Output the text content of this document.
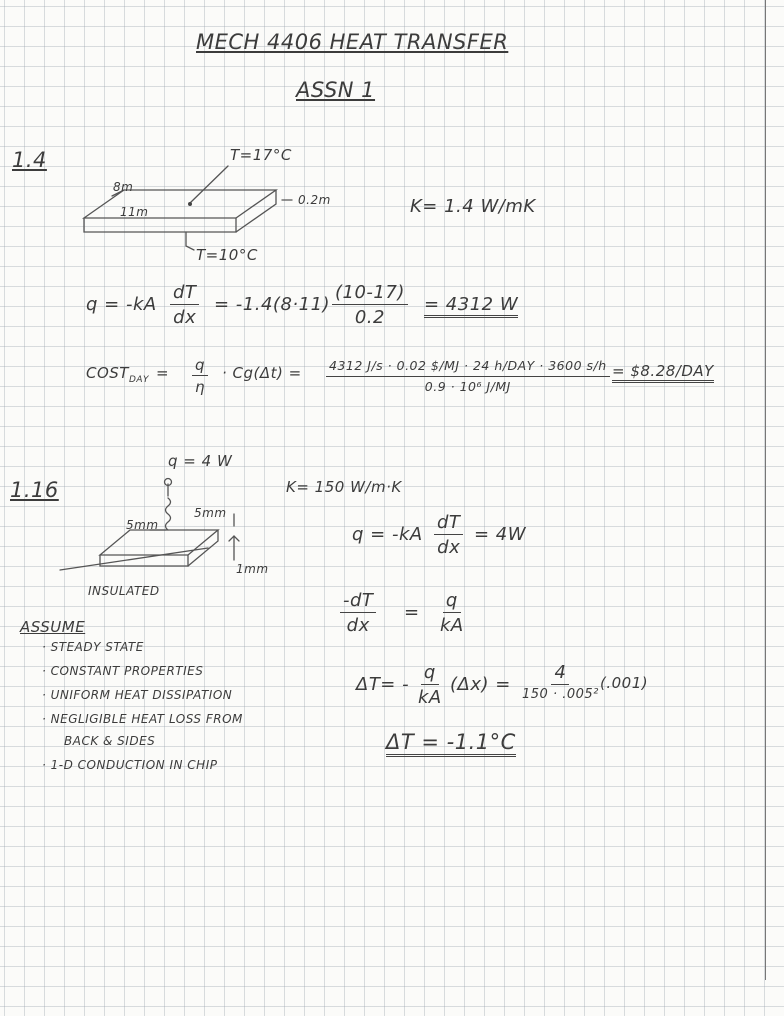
MECH 4406 HEAT TRANSFER
ASSN 1
1.4	T=17°C
8m
11m
0.2m
T=10°C
K= 1.4 W/mK
$q = -kA \frac{dT}{dx} = -1.4(8\cdot 11) \frac{(10-17)}{0.2} = 4312$ W
$COST_{DAY} = \frac{q}{\eta} \cdot Cg(\Delta t) = 4312$ J/s · 0.02 $/MJ · 24 h/DAY · 3600 s/h
0.9 · 10⁶ J/MJ
= $8.28/DAY
1.16
q = 4 W
5mm
5mm
1mm
INSULATED
K= 150 W/m·K
$q = -kA \frac{dT}{dx} = 4W$
$\frac{-dT}{dx} = \frac{q}{kA}$
$\Delta T= - \frac{q}{kA} (\Delta x)$ =
4
150 · .005²
(.001)
ΔT = -1.1°C
ASSUME
· STEADY STATE
· CONSTANT PROPERTIES
· UNIFORM HEAT DISSIPATION
· NEGLIGIBLE HEAT LOSS FROM
BACK & SIDES
· 1-D CONDUCTION IN CHIP
